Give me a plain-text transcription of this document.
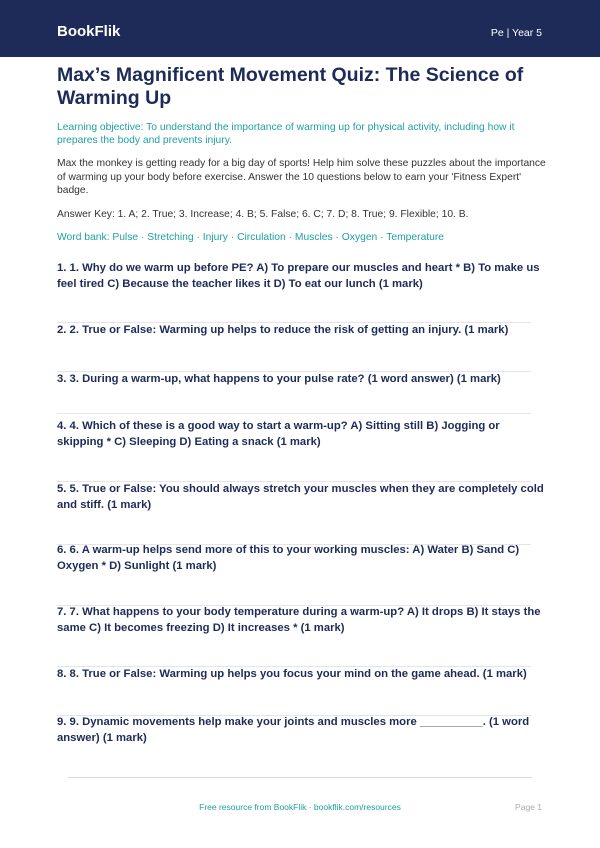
BookFlik	Pe | Year 5
Max’s Magnificent Movement Quiz: The Science of Warming Up
Learning objective: To understand the importance of warming up for physical activity, including how it prepares the body and prevents injury.
Max the monkey is getting ready for a big day of sports! Help him solve these puzzles about the importance of warming up your body before exercise. Answer the 10 questions below to earn your 'Fitness Expert' badge.
Answer Key: 1. A; 2. True; 3. Increase; 4. B; 5. False; 6. C; 7. D; 8. True; 9. Flexible; 10. B.
Word bank: Pulse · Stretching · Injury · Circulation · Muscles · Oxygen · Temperature
1. 1. Why do we warm up before PE? A) To prepare our muscles and heart * B) To make us feel tired C) Because the teacher likes it D) To eat our lunch (1 mark)
2. 2. True or False: Warming up helps to reduce the risk of getting an injury. (1 mark)
3. 3. During a warm-up, what happens to your pulse rate? (1 word answer) (1 mark)
4. 4. Which of these is a good way to start a warm-up? A) Sitting still B) Jogging or skipping * C) Sleeping D) Eating a snack (1 mark)
5. 5. True or False: You should always stretch your muscles when they are completely cold and stiff. (1 mark)
6. 6. A warm-up helps send more of this to your working muscles: A) Water B) Sand C) Oxygen * D) Sunlight (1 mark)
7. 7. What happens to your body temperature during a warm-up? A) It drops B) It stays the same C) It becomes freezing D) It increases * (1 mark)
8. 8. True or False: Warming up helps you focus your mind on the game ahead. (1 mark)
9. 9. Dynamic movements help make your joints and muscles more __________. (1 word answer) (1 mark)
Free resource from BookFlik · bookflik.com/resources	Page 1
